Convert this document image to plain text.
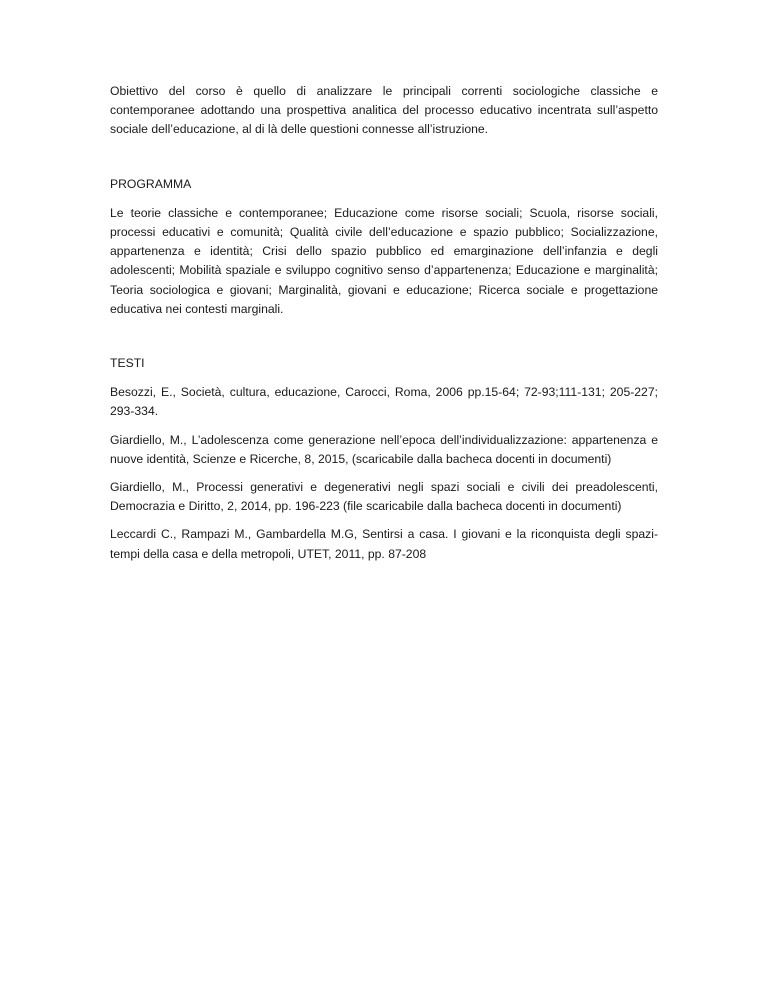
Obiettivo del corso è quello di analizzare le principali correnti sociologiche classiche e contemporanee adottando una prospettiva analitica del processo educativo incentrata sull’aspetto sociale dell’educazione, al di là delle questioni connesse all’istruzione.

PROGRAMMA

Le teorie classiche e contemporanee; Educazione come risorse sociali; Scuola, risorse sociali, processi educativi e comunità; Qualità civile dell’educazione e spazio pubblico; Socializzazione, appartenenza e identità; Crisi dello spazio pubblico ed emarginazione dell’infanzia e degli adolescenti; Mobilità spaziale e sviluppo cognitivo senso d’appartenenza; Educazione e marginalità; Teoria sociologica e giovani; Marginalità, giovani e educazione; Ricerca sociale e progettazione educativa nei contesti marginali.

TESTI

Besozzi, E., Società, cultura, educazione, Carocci, Roma, 2006 pp.15-64; 72-93;111-131; 205-227; 293-334.

Giardiello, M., L’adolescenza come generazione nell’epoca dell’individualizzazione: appartenenza e nuove identità, Scienze e Ricerche, 8, 2015, (scaricabile dalla bacheca docenti in documenti)

Giardiello, M., Processi generativi e degenerativi negli spazi sociali e civili dei preadolescenti, Democrazia e Diritto, 2, 2014, pp. 196-223 (file scaricabile dalla bacheca docenti in documenti)

Leccardi C., Rampazi M., Gambardella M.G, Sentirsi a casa. I giovani e la riconquista degli spazi-tempi della casa e della metropoli, UTET, 2011, pp. 87-208
